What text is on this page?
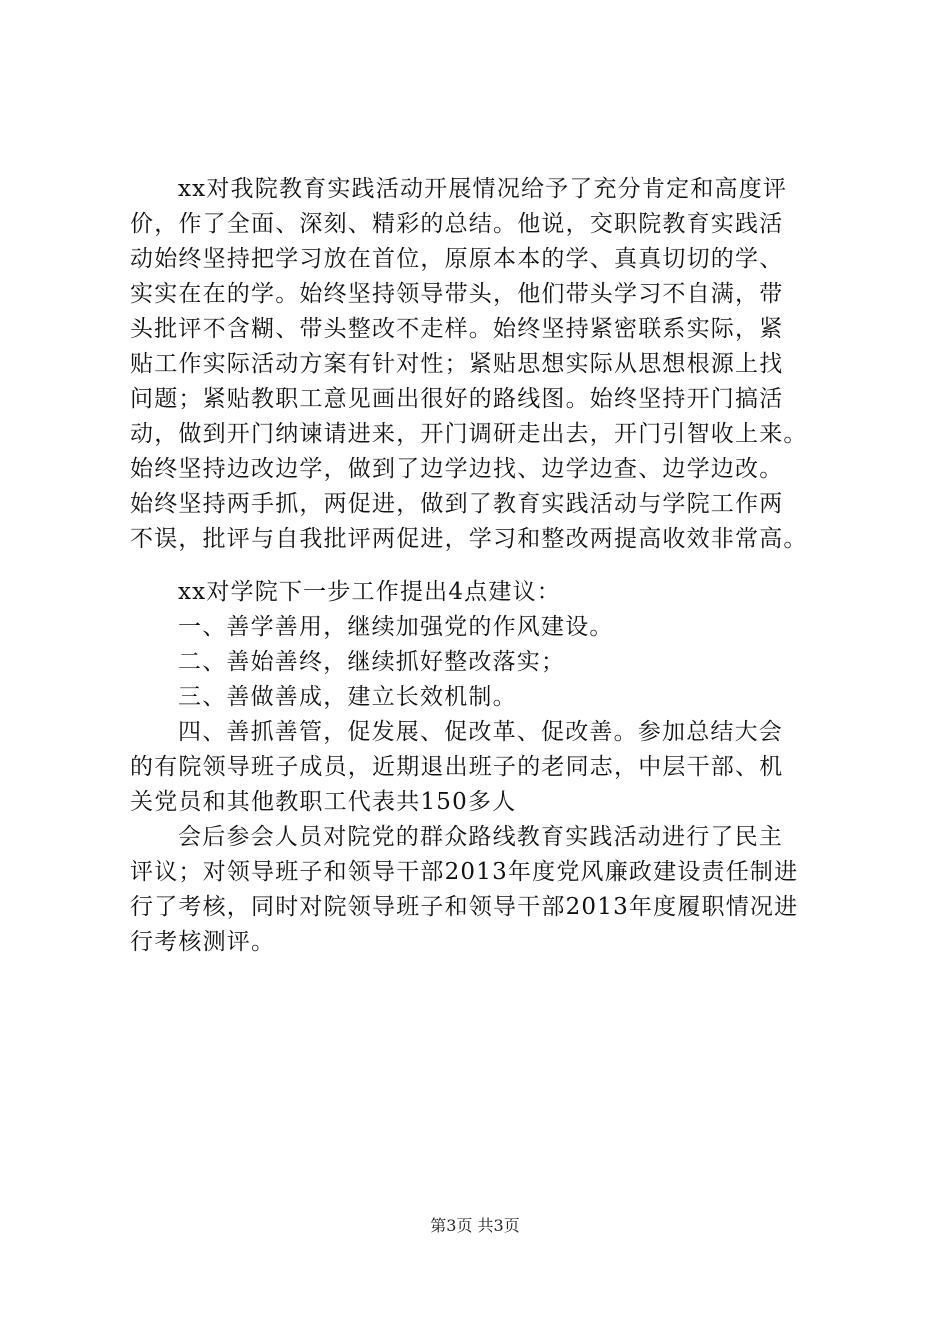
xx对我院教育实践活动开展情况给予了充分肯定和高度评

价，作了全面、深刻、精彩的总结。他说，交职院教育实践活

动始终坚持把学习放在首位，原原本本的学、真真切切的学、

实实在在的学。始终坚持领导带头，他们带头学习不自满，带

头批评不含糊、带头整改不走样。始终坚持紧密联系实际，紧

贴工作实际活动方案有针对性；紧贴思想实际从思想根源上找

问题；紧贴教职工意见画出很好的路线图。始终坚持开门搞活

动，做到开门纳谏请进来，开门调研走出去，开门引智收上来。

始终坚持边改边学，做到了边学边找、边学边查、边学边改。

始终坚持两手抓，两促进，做到了教育实践活动与学院工作两

不误，批评与自我批评两促进，学习和整改两提高收效非常高。

xx对学院下一步工作提出4点建议：

一、善学善用，继续加强党的作风建设。

二、善始善终，继续抓好整改落实；

三、善做善成，建立长效机制。

四、善抓善管，促发展、促改革、促改善。参加总结大会

的有院领导班子成员，近期退出班子的老同志，中层干部、机

关党员和其他教职工代表共150多人

会后参会人员对院党的群众路线教育实践活动进行了民主

评议；对领导班子和领导干部2013年度党风廉政建设责任制进

行了考核，同时对院领导班子和领导干部2013年度履职情况进

行考核测评。

第3页 共3页
